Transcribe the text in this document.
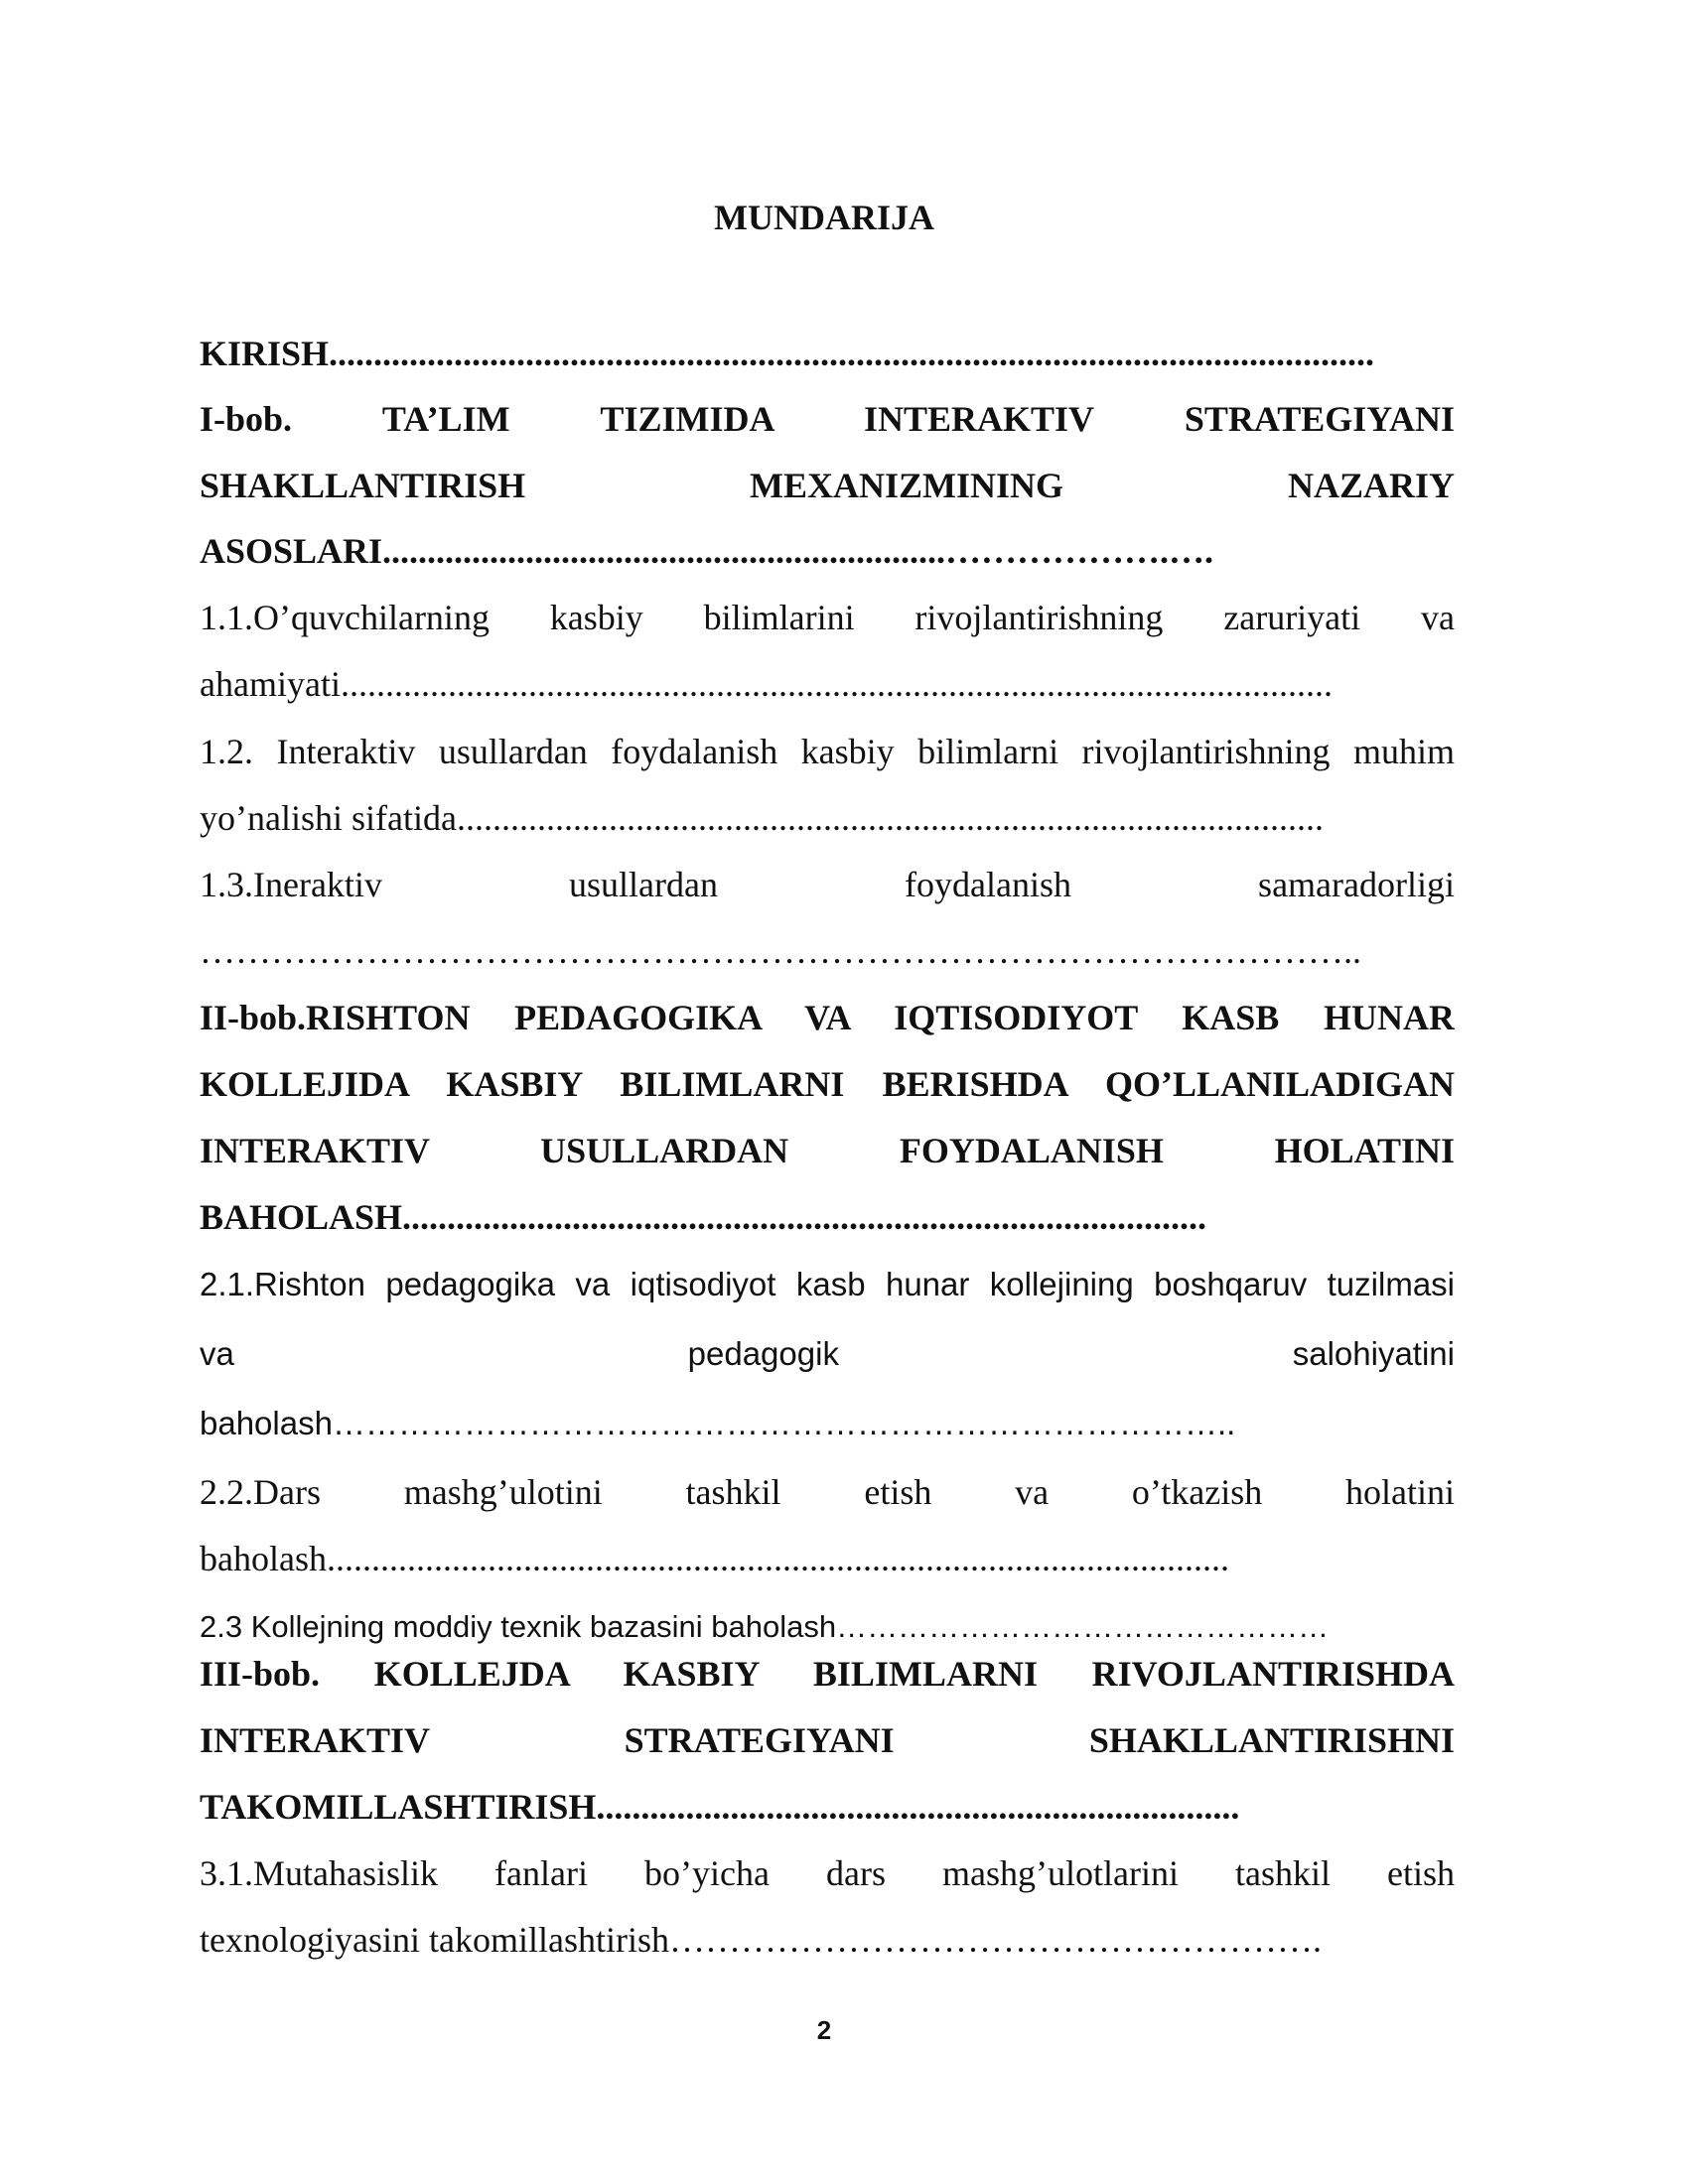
MUNDARIJA
KIRISH.....................................................................................................................
I-bob. TA’LIM TIZIMIDA INTERAKTIV STRATEGIYANI
SHAKLLANTIRISH MEXANIZMINING NAZARIY
ASOSLARI...............................................................……………….….
1.1.O’quvchilarning kasbiy bilimlarini rivojlantirishning zaruriyati va
ahamiyati...............................................................................................................
1.2. Interaktiv usullardan foydalanish kasbiy bilimlarni rivojlantirishning muhim
yo’nalishi sifatida.................................................................................................
1.3.Ineraktiv usullardan foydalanish samaradorligi
……………………………………………………………………………………..
II-bob.RISHTON PEDAGOGIKA VA IQTISODIYOT KASB HUNAR
KOLLEJIDA KASBIY BILIMLARNI BERISHDA QO’LLANILADIGAN
INTERAKTIV USULLARDAN FOYDALANISH HOLATINI
BAHOLASH..........................................................................................
2.1.Rishton pedagogika va iqtisodiyot kasb hunar kollejining boshqaruv tuzilmasi
va pedagogik salohiyatini
baholash………………………………………………………………………..
2.2.Dars mashg’ulotini tashkil etish va o’tkazish holatini
baholash.....................................................................................................
2.3 Kollejning moddiy texnik bazasini baholash…………………………………………
III-bob. KOLLEJDA KASBIY BILIMLARNI RIVOJLANTIRISHDA
INTERAKTIV STRATEGIYANI SHAKLLANTIRISHNI
TAKOMILLASHTIRISH........................................................................
3.1.Mutahasislik fanlari bo’yicha dars mashg’ulotlarini tashkil etish
texnologiyasini takomillashtirish……………………………………………….
2
